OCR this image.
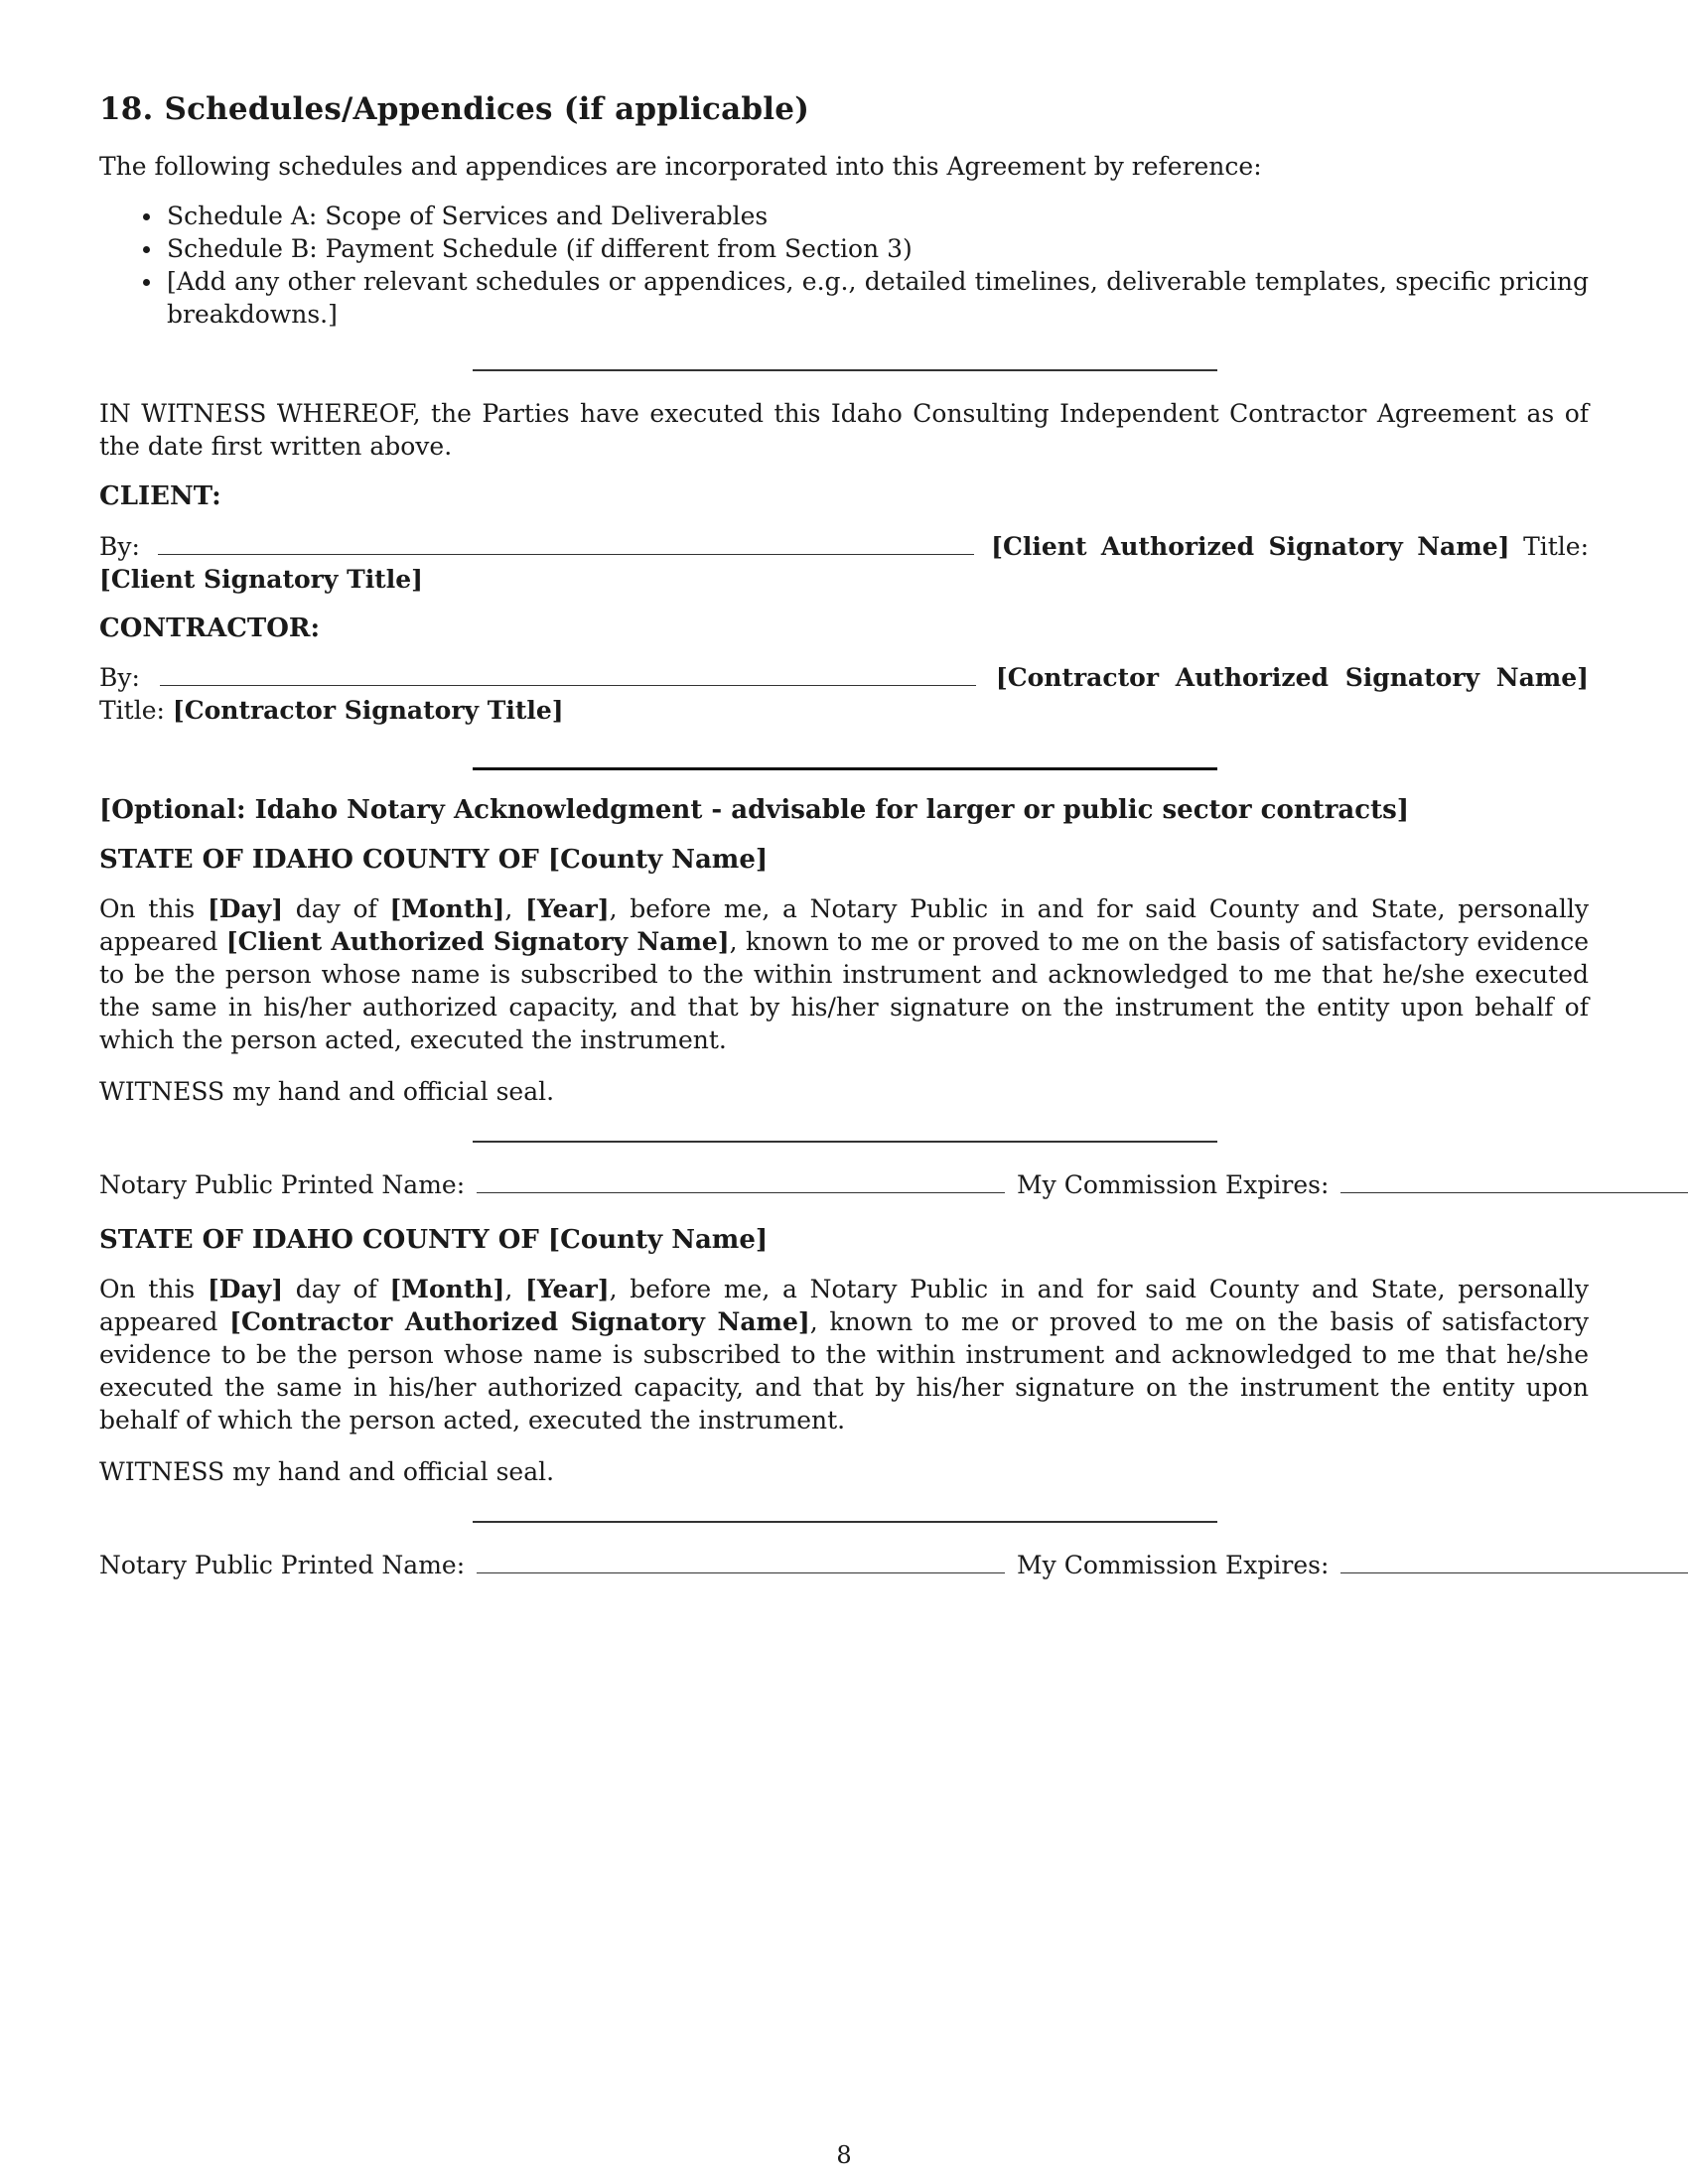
18. Schedules/Appendices (if applicable)

The following schedules and appendices are incorporated into this Agreement by reference:

Schedule A: Scope of Services and Deliverables
Schedule B: Payment Schedule (if different from Section 3)
[Add any other relevant schedules or appendices, e.g., detailed timelines, deliverable templates, specific pricing breakdowns.]

IN WITNESS WHEREOF, the Parties have executed this Idaho Consulting Independent Contractor Agreement as of the date first written above.

CLIENT:

By:	[Client Authorized Signatory Name] Title: [Client Signatory Title]

CONTRACTOR:

By:	[Contractor Authorized Signatory Name] Title: [Contractor Signatory Title]

[Optional: Idaho Notary Acknowledgment - advisable for larger or public sector contracts]

STATE OF IDAHO COUNTY OF [County Name]

On this [Day] day of [Month], [Year], before me, a Notary Public in and for said County and State, personally appeared [Client Authorized Signatory Name], known to me or proved to me on the basis of satisfactory evidence to be the person whose name is subscribed to the within instrument and acknowledged to me that he/she executed the same in his/her authorized capacity, and that by his/her signature on the instrument the entity upon behalf of which the person acted, executed the instrument.

WITNESS my hand and official seal.

Notary Public Printed Name:	My Commission Expires:

STATE OF IDAHO COUNTY OF [County Name]

On this [Day] day of [Month], [Year], before me, a Notary Public in and for said County and State, personally appeared [Contractor Authorized Signatory Name], known to me or proved to me on the basis of satisfactory evidence to be the person whose name is subscribed to the within instrument and acknowledged to me that he/she executed the same in his/her authorized capacity, and that by his/her signature on the instrument the entity upon behalf of which the person acted, executed the instrument.

WITNESS my hand and official seal.

Notary Public Printed Name:	My Commission Expires:

8
